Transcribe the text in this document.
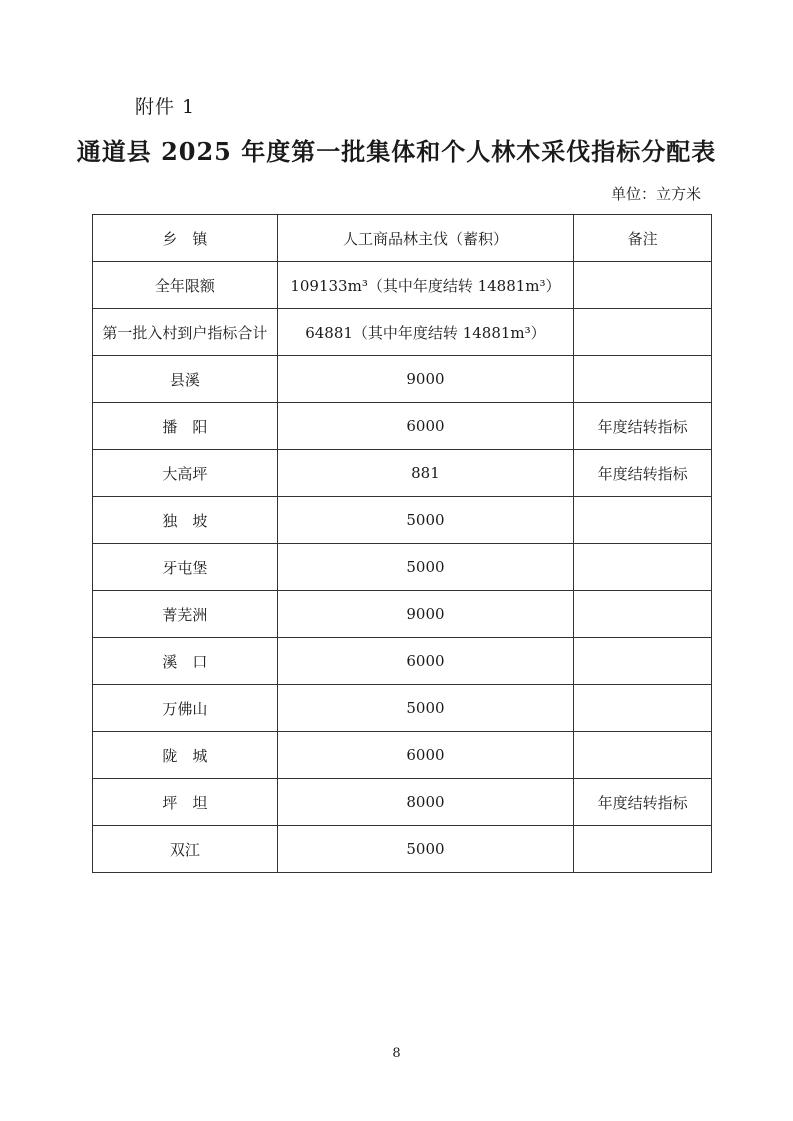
附件 1
通道县 2025 年度第一批集体和个人林木采伐指标分配表
单位：立方米
乡　镇	人工商品林主伐（蓄积）	备注
全年限额	109133m³（其中年度结转 14881m³）	
第一批入村到户指标合计	64881（其中年度结转 14881m³）	
县溪	9000	
播　阳	6000	年度结转指标
大高坪	881	年度结转指标
独　坡	5000	
牙屯堡	5000	
菁芜洲	9000	
溪　口	6000	
万佛山	5000	
陇　城	6000	
坪　坦	8000	年度结转指标
双江	5000	
8
